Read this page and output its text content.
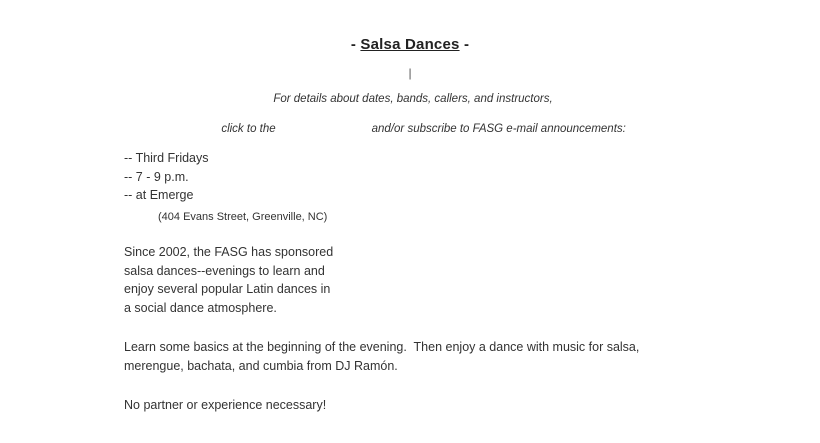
- Salsa Dances -
|
For details about dates, bands, callers, and instructors,

click to the	and/or subscribe to FASG e-mail announcements:

-- Third Fridays
-- 7 - 9 p.m.
-- at Emerge
(404 Evans Street, Greenville, NC)

Since 2002, the FASG has sponsored
salsa dances--evenings to learn and
enjoy several popular Latin dances in
a social dance atmosphere.

Learn some basics at the beginning of the evening.  Then enjoy a dance with music for salsa,
merengue, bachata, and cumbia from DJ Ramón.

No partner or experience necessary!
